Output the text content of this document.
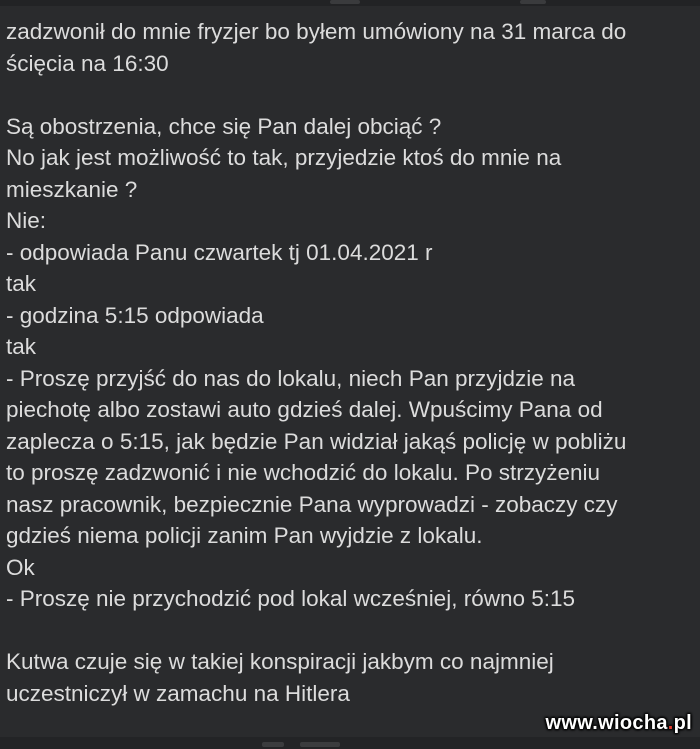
zadzwonił do mnie fryzjer bo byłem umówiony na 31 marca do
ścięcia na 16:30
Są obostrzenia, chce się Pan dalej obciąć ?
No jak jest możliwość to tak, przyjedzie ktoś do mnie na
mieszkanie ?
Nie:
- odpowiada Panu czwartek tj 01.04.2021 r
tak
- godzina 5:15 odpowiada
tak
- Proszę przyjść do nas do lokalu, niech Pan przyjdzie na
piechotę albo zostawi auto gdzieś dalej. Wpuścimy Pana od
zaplecza o 5:15, jak będzie Pan widział jakąś policję w pobliżu
to proszę zadzwonić i nie wchodzić do lokalu. Po strzyżeniu
nasz pracownik, bezpiecznie Pana wyprowadzi - zobaczy czy
gdzieś niema policji zanim Pan wyjdzie z lokalu.
Ok
- Proszę nie przychodzić pod lokal wcześniej, równo 5:15
Kutwa czuje się w takiej konspiracji jakbym co najmniej
uczestniczył w zamachu na Hitlera
www.wiocha.pl
